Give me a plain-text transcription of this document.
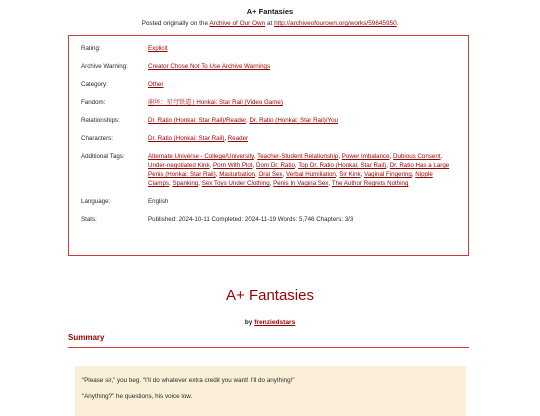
A+ Fantasies

Posted originally on the Archive of Our Own at http://archiveofourown.org/works/59645950.

Rating:	Explicit
Archive Warning:	Creator Chose Not To Use Archive Warnings
Category:	Other
Fandom:	崩坏：星穹铁道 | Honkai: Star Rail (Video Game)
Relationships:	Dr. Ratio (Honkai: Star Rail)/Reader, Dr. Ratio (Honkai: Star Rail)/You
Characters:	Dr. Ratio (Honkai: Star Rail), Reader
Additional Tags:	Alternate Universe - College/University, Teacher-Student Relationship, Power Imbalance, Dubious Consent, Under-negotiated Kink, Porn With Plot, Dom Dr. Ratio, Top Dr. Ratio (Honkai: Star Rail), Dr. Ratio Has a Large Penis (Honkai: Star Rail), Masturbation, Oral Sex, Verbal Humiliation, Sir Kink, Vaginal Fingering, Nipple Clamps, Spanking, Sex Toys Under Clothing, Penis In Vagina Sex, The Author Regrets Nothing
Language:	English
Stats:	Published: 2024-10-11 Completed: 2024-11-19 Words: 5,746 Chapters: 3/3
A+ Fantasies
by frenziedstars
Summary

“Please sir,” you beg. “I’ll do whatever extra credit you want! I’ll do anything!”

“Anything?” he questions, his voice low.
